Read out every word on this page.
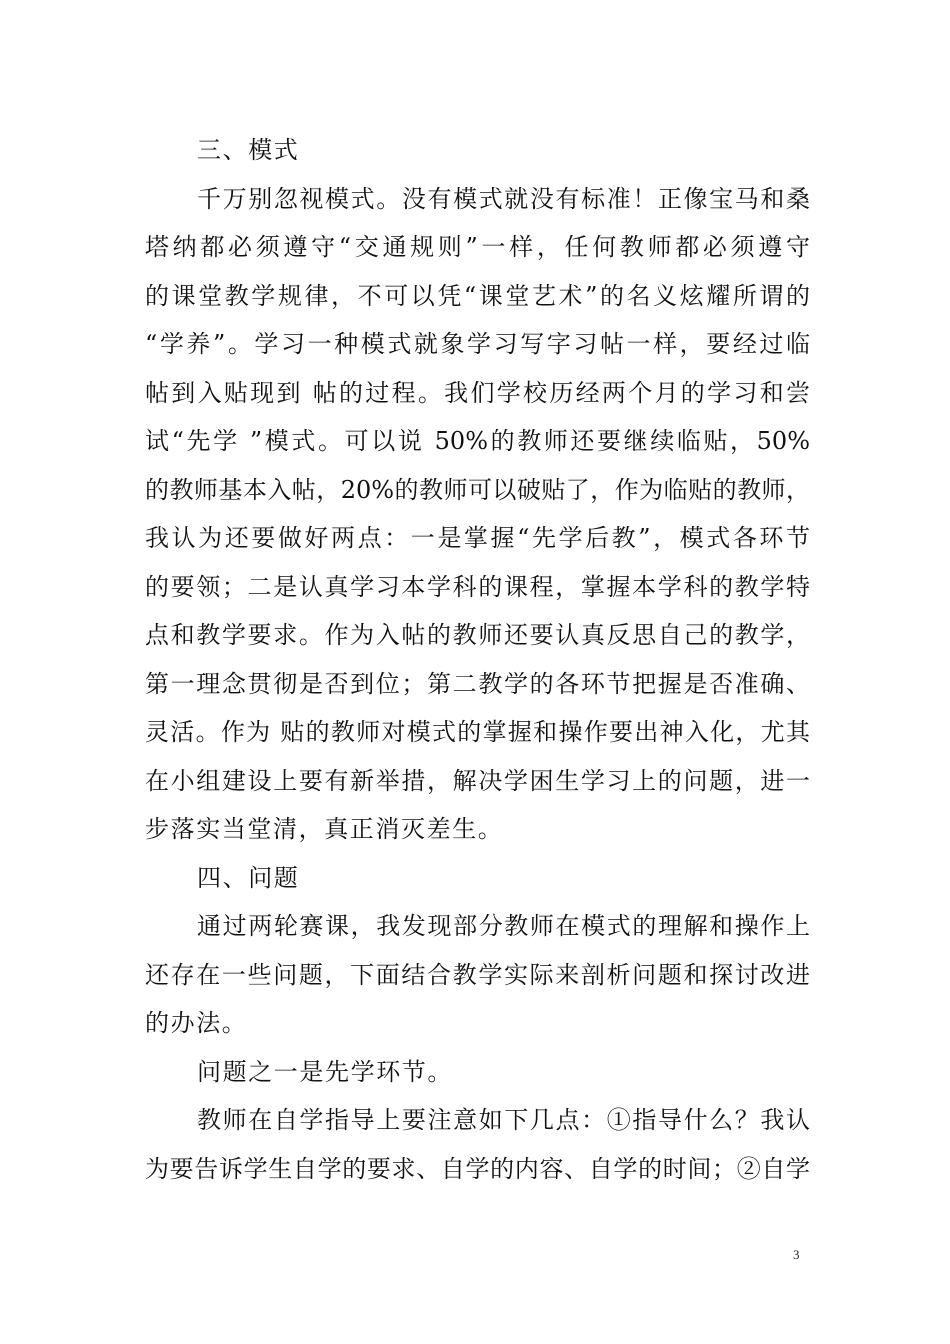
三、模式
千万别忽视模式。没有模式就没有标准！正像宝马和桑
塔纳都必须遵守“交通规则”一样，任何教师都必须遵守
的课堂教学规律，不可以凭“课堂艺术”的名义炫耀所谓的
“学养”。学习一种模式就象学习写字习帖一样，要经过临
帖到入贴现到 帖的过程。我们学校历经两个月的学习和尝
试“先学 ”模式。可以说 50%的教师还要继续临贴，50%
的教师基本入帖，20%的教师可以破贴了，作为临贴的教师，
我认为还要做好两点：一是掌握“先学后教”，模式各环节
的要领；二是认真学习本学科的课程，掌握本学科的教学特
点和教学要求。作为入帖的教师还要认真反思自己的教学，
第一理念贯彻是否到位；第二教学的各环节把握是否准确、
灵活。作为 贴的教师对模式的掌握和操作要出神入化，尤其
在小组建设上要有新举措，解决学困生学习上的问题，进一
步落实当堂清，真正消灭差生。
四、问题
通过两轮赛课，我发现部分教师在模式的理解和操作上
还存在一些问题，下面结合教学实际来剖析问题和探讨改进
的办法。
问题之一是先学环节。
教师在自学指导上要注意如下几点：①指导什么？我认
为要告诉学生自学的要求、自学的内容、自学的时间；②自学
3
